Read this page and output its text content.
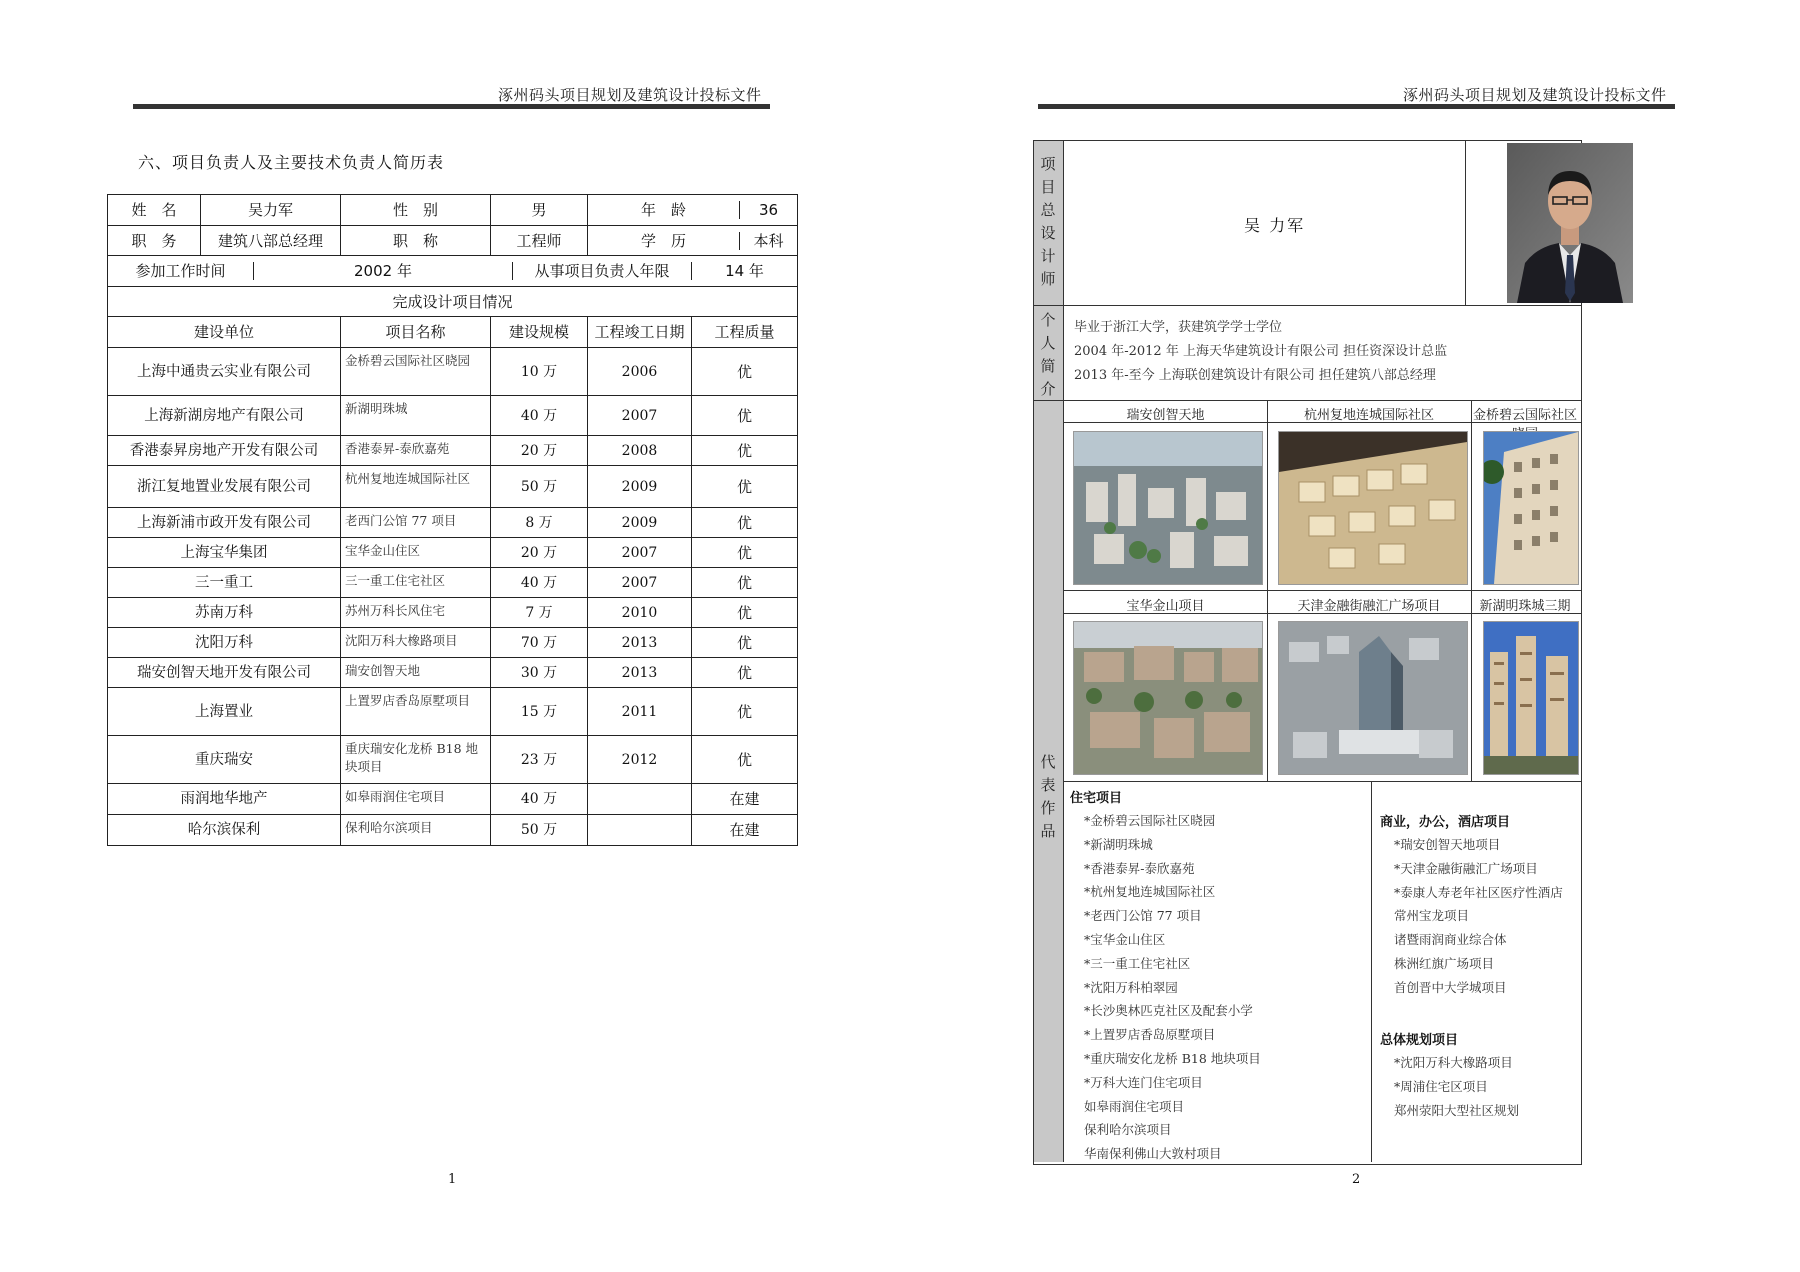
涿州码头项目规划及建筑设计投标文件
六、项目负责人及主要技术负责人简历表
姓　名	吴力军	性　别	男		年　龄	36

职　务	建筑八部总经理	职　称	工程师		学　历	本科

参加工作时间	2002 年	从事项目负责人年限	14 年

完成设计项目情况
建设单位	项目名称	建设规模	工程竣工日期	工程质量
上海中通贵云实业有限公司	金桥碧云国际社区晓园	10 万	2006	优
上海新湖房地产有限公司	新湖明珠城	40 万	2007	优
香港泰昇房地产开发有限公司	香港泰昇-泰欣嘉苑	20 万	2008	优
浙江复地置业发展有限公司	杭州复地连城国际社区	50 万	2009	优
上海新浦市政开发有限公司	老西门公馆 77 项目	8 万	2009	优
上海宝华集团	宝华金山住区	20 万	2007	优
三一重工	三一重工住宅社区	40 万	2007	优
苏南万科	苏州万科长风住宅	7 万	2010	优
沈阳万科	沈阳万科大橡路项目	70 万	2013	优
瑞安创智天地开发有限公司	瑞安创智天地	30 万	2013	优
上海置业	上置罗店香岛原墅项目	15 万	2011	优
重庆瑞安	重庆瑞安化龙桥 B18 地块项目	23 万	2012	优
雨润地华地产	如皋雨润住宅项目	40 万		在建
哈尔滨保利	保利哈尔滨项目	50 万		在建
1
涿州码头项目规划及建筑设计投标文件
项
目
总
设
计
师
个
人
简
介
代
表
作
品
吴 力军
毕业于浙江大学，获建筑学学士学位
2004 年-2012 年 上海天华建筑设计有限公司 担任资深设计总监
2013 年-至今 上海联创建筑设计有限公司 担任建筑八部总经理
瑞安创智天地	杭州复地连城国际社区	金桥碧云国际社区
宝华金山项目	天津金融街融汇广场项目	新湖明珠城三期
住宅项目
*金桥碧云国际社区晓园
*新湖明珠城
*香港泰昇-泰欣嘉苑
*杭州复地连城国际社区
*老西门公馆 77 项目
*宝华金山住区
*三一重工住宅社区
*沈阳万科柏翠园
*长沙奥林匹克社区及配套小学
*上置罗店香岛原墅项目
*重庆瑞安化龙桥 B18 地块项目
*万科大连门住宅项目
如皋雨润住宅项目
保利哈尔滨项目
华南保利佛山大敦村项目
商业，办公，酒店项目
*瑞安创智天地项目
*天津金融街融汇广场项目
*泰康人寿老年社区医疗性酒店
常州宝龙项目
诸暨雨润商业综合体
株洲红旗广场项目
首创晋中大学城项目
总体规划项目
*沈阳万科大橡路项目
*周浦住宅区项目
郑州荥阳大型社区规划
2
